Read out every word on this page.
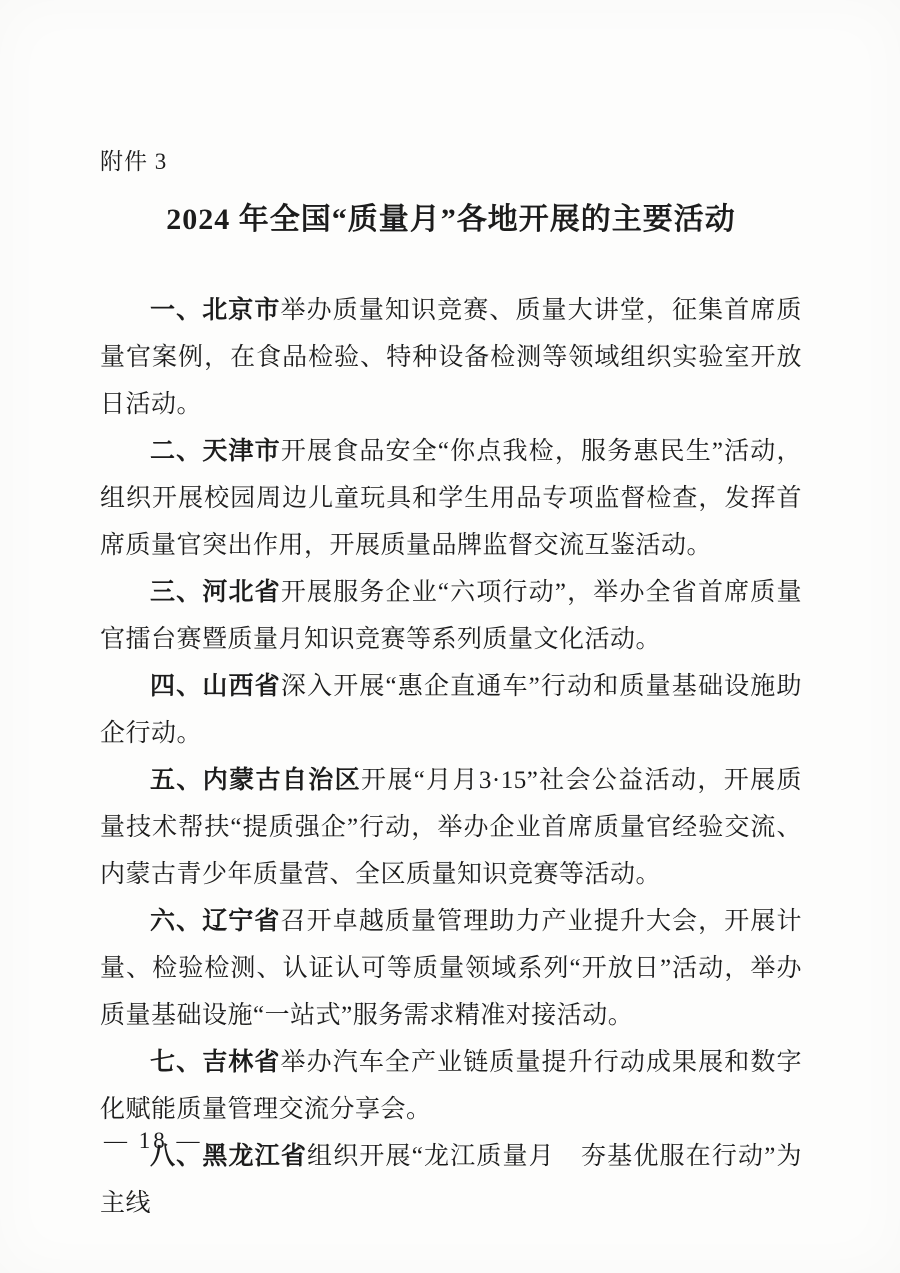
附件 3
2024 年全国“质量月”各地开展的主要活动

一、北京市举办质量知识竞赛、质量大讲堂，征集首席质量官案例，在食品检验、特种设备检测等领域组织实验室开放日活动。

二、天津市开展食品安全“你点我检，服务惠民生”活动，组织开展校园周边儿童玩具和学生用品专项监督检查，发挥首席质量官突出作用，开展质量品牌监督交流互鉴活动。

三、河北省开展服务企业“六项行动”，举办全省首席质量官擂台赛暨质量月知识竞赛等系列质量文化活动。

四、山西省深入开展“惠企直通车”行动和质量基础设施助企行动。

五、内蒙古自治区开展“月月3·15”社会公益活动，开展质量技术帮扶“提质强企”行动，举办企业首席质量官经验交流、内蒙古青少年质量营、全区质量知识竞赛等活动。

六、辽宁省召开卓越质量管理助力产业提升大会，开展计量、检验检测、认证认可等质量领域系列“开放日”活动，举办质量基础设施“一站式”服务需求精准对接活动。

七、吉林省举办汽车全产业链质量提升行动成果展和数字化赋能质量管理交流分享会。

八、黑龙江省组织开展“龙江质量月　夯基优服在行动”为主线

— 18 —
